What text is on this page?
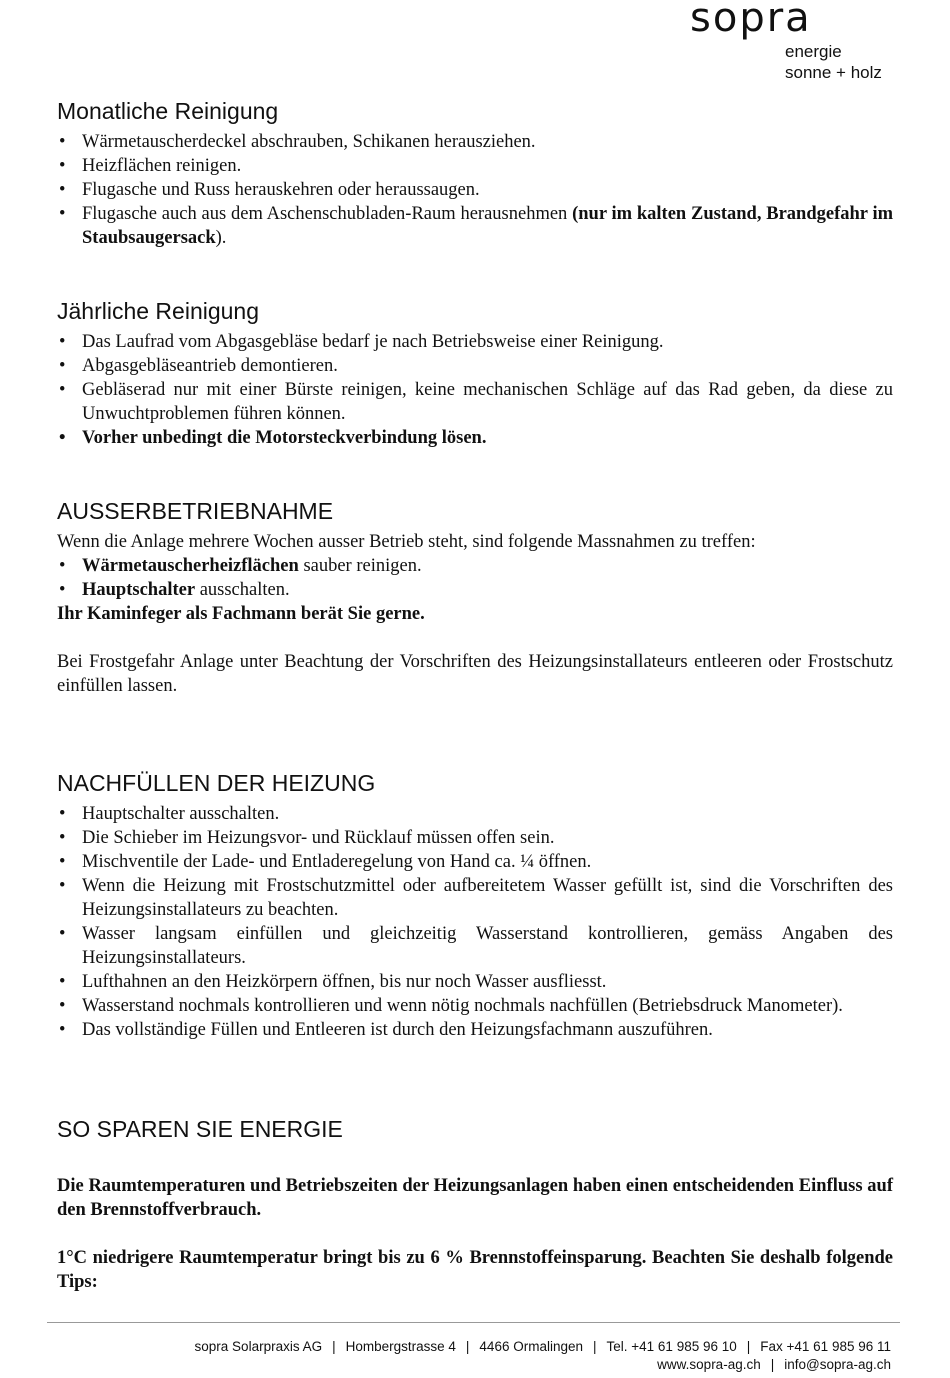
sopra
energie
sonne + holz
Monatliche Reinigung
• Wärmetauscherdeckel abschrauben, Schikanen herausziehen.
• Heizflächen reinigen.
• Flugasche und Russ herauskehren oder heraussaugen.
• Flugasche auch aus dem Aschenschubladen-Raum herausnehmen (nur im kalten Zustand, Brandgefahr im Staubsaugersack).
Jährliche Reinigung
• Das Laufrad vom Abgasgebläse bedarf je nach Betriebsweise einer Reinigung.
• Abgasgebläseantrieb demontieren.
• Gebläserad nur mit einer Bürste reinigen, keine mechanischen Schläge auf das Rad geben, da diese zu Unwuchtproblemen führen können.
• Vorher unbedingt die Motorsteckverbindung lösen.
AUSSERBETRIEBNAHME

Wenn die Anlage mehrere Wochen ausser Betrieb steht, sind folgende Massnahmen zu treffen:

• Wärmetauscherheizflächen sauber reinigen.
• Hauptschalter ausschalten.

Ihr Kaminfeger als Fachmann berät Sie gerne.

Bei Frostgefahr Anlage unter Beachtung der Vorschriften des Heizungsinstallateurs entleeren oder Frostschutz einfüllen lassen.

NACHFÜLLEN DER HEIZUNG
• Hauptschalter ausschalten.
• Die Schieber im Heizungsvor- und Rücklauf müssen offen sein.
• Mischventile der Lade- und Entladeregelung von Hand ca. ¼ öffnen.
• Wenn die Heizung mit Frostschutzmittel oder aufbereitetem Wasser gefüllt ist, sind die Vorschriften des Heizungsinstallateurs zu beachten.
• Wasser langsam einfüllen und gleichzeitig Wasserstand kontrollieren, gemäss Angaben des Heizungsinstallateurs.
• Lufthahnen an den Heizkörpern öffnen, bis nur noch Wasser ausfliesst.
• Wasserstand nochmals kontrollieren und wenn nötig nochmals nachfüllen (Betriebsdruck Manometer).
• Das vollständige Füllen und Entleeren ist durch den Heizungsfachmann auszuführen.
SO SPAREN SIE ENERGIE

Die Raumtemperaturen und Betriebszeiten der Heizungsanlagen haben einen entscheidenden Einfluss auf den Brennstoffverbrauch.

1°C niedrigere Raumtemperatur bringt bis zu 6 % Brennstoffeinsparung. Beachten Sie deshalb folgende Tips:

sopra Solarpraxis AG | Hombergstrasse 4 | 4466 Ormalingen | Tel. +41 61 985 96 10 | Fax +41 61 985 96 11
www.sopra-ag.ch | info@sopra-ag.ch
